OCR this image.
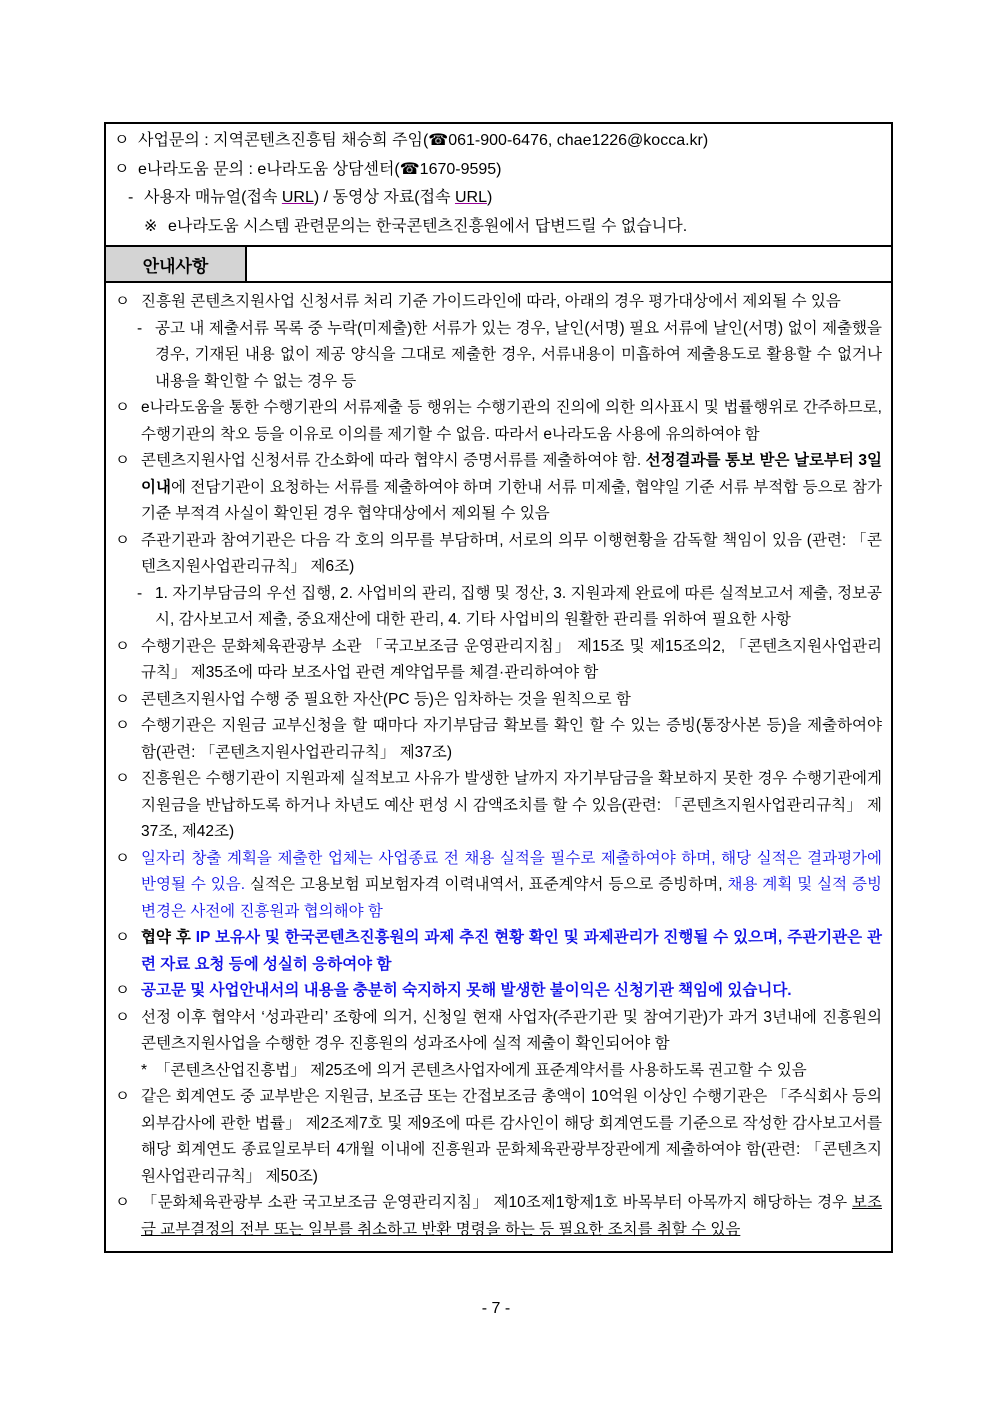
ㅇ 사업문의 : 지역콘텐츠진흥팀 채승희 주임(☎061-900-6476, chae1226@kocca.kr)
ㅇ e나라도움 문의 : e나라도움 상담센터(☎1670-9595)
- 사용자 매뉴얼(접속 URL) / 동영상 자료(접속 URL)
※ e나라도움 시스템 관련문의는 한국콘텐츠진흥원에서 답변드릴 수 없습니다.
안내사항
ㅇ 진흥원 콘텐츠지원사업 신청서류 처리 기준 가이드라인에 따라, 아래의 경우 평가대상에서 제외될 수 있음
- 공고 내 제출서류 목록 중 누락(미제출)한 서류가 있는 경우, 날인(서명) 필요 서류에 날인(서명) 없이 제출했을 경우, 기재된 내용 없이 제공 양식을 그대로 제출한 경우, 서류내용이 미흡하여 제출용도로 활용할 수 없거나 내용을 확인할 수 없는 경우 등
ㅇ e나라도움을 통한 수행기관의 서류제출 등 행위는 수행기관의 진의에 의한 의사표시 및 법률행위로 간주하므로, 수행기관의 착오 등을 이유로 이의를 제기할 수 없음. 따라서 e나라도움 사용에 유의하여야 함
ㅇ 콘텐츠지원사업 신청서류 간소화에 따라 협약시 증명서류를 제출하여야 함. 선정결과를 통보 받은 날로부터 3일 이내에 전담기관이 요청하는 서류를 제출하여야 하며 기한내 서류 미제출, 협약일 기준 서류 부적합 등으로 참가기준 부적격 사실이 확인된 경우 협약대상에서 제외될 수 있음
ㅇ 주관기관과 참여기관은 다음 각 호의 의무를 부담하며, 서로의 의무 이행현황을 감독할 책임이 있음 (관련: 「콘텐츠지원사업관리규칙」 제6조)
- 1. 자기부담금의 우선 집행, 2. 사업비의 관리, 집행 및 정산, 3. 지원과제 완료에 따른 실적보고서 제출, 정보공시, 감사보고서 제출, 중요재산에 대한 관리, 4. 기타 사업비의 원활한 관리를 위하여 필요한 사항
ㅇ 수행기관은 문화체육관광부 소관 「국고보조금 운영관리지침」 제15조 및 제15조의2, 「콘텐츠지원사업관리규칙」 제35조에 따라 보조사업 관련 계약업무를 체결·관리하여야 함
ㅇ 콘텐츠지원사업 수행 중 필요한 자산(PC 등)은 임차하는 것을 원칙으로 함
ㅇ 수행기관은 지원금 교부신청을 할 때마다 자기부담금 확보를 확인 할 수 있는 증빙(통장사본 등)을 제출하여야 함(관련: 「콘텐츠지원사업관리규칙」 제37조)
ㅇ 진흥원은 수행기관이 지원과제 실적보고 사유가 발생한 날까지 자기부담금을 확보하지 못한 경우 수행기관에게 지원금을 반납하도록 하거나 차년도 예산 편성 시 감액조치를 할 수 있음(관련: 「콘텐츠지원사업관리규칙」 제37조, 제42조)
ㅇ 일자리 창출 계획을 제출한 업체는 사업종료 전 채용 실적을 필수로 제출하여야 하며, 해당 실적은 결과평가에 반영될 수 있음. 실적은 고용보험 피보험자격 이력내역서, 표준계약서 등으로 증빙하며, 채용 계획 및 실적 증빙 변경은 사전에 진흥원과 협의해야 함
ㅇ 협약 후 IP 보유사 및 한국콘텐츠진흥원의 과제 추진 현황 확인 및 과제관리가 진행될 수 있으며, 주관기관은 관련 자료 요청 등에 성실히 응하여야 함
ㅇ 공고문 및 사업안내서의 내용을 충분히 숙지하지 못해 발생한 불이익은 신청기관 책임에 있습니다.
ㅇ 선정 이후 협약서 ‘성과관리’ 조항에 의거, 신청일 현재 사업자(주관기관 및 참여기관)가 과거 3년내에 진흥원의 콘텐츠지원사업을 수행한 경우 진흥원의 성과조사에 실적 제출이 확인되어야 함
* 「콘텐츠산업진흥법」 제25조에 의거 콘텐츠사업자에게 표준계약서를 사용하도록 권고할 수 있음
ㅇ 같은 회계연도 중 교부받은 지원금, 보조금 또는 간접보조금 총액이 10억원 이상인 수행기관은 「주식회사 등의 외부감사에 관한 법률」 제2조제7호 및 제9조에 따른 감사인이 해당 회계연도를 기준으로 작성한 감사보고서를 해당 회계연도 종료일로부터 4개월 이내에 진흥원과 문화체육관광부장관에게 제출하여야 함(관련: 「콘텐츠지원사업관리규칙」 제50조)
ㅇ 「문화체육관광부 소관 국고보조금 운영관리지침」 제10조제1항제1호 바목부터 아목까지 해당하는 경우 보조금 교부결정의 전부 또는 일부를 취소하고 반환 명령을 하는 등 필요한 조치를 취할 수 있음
- 7 -
